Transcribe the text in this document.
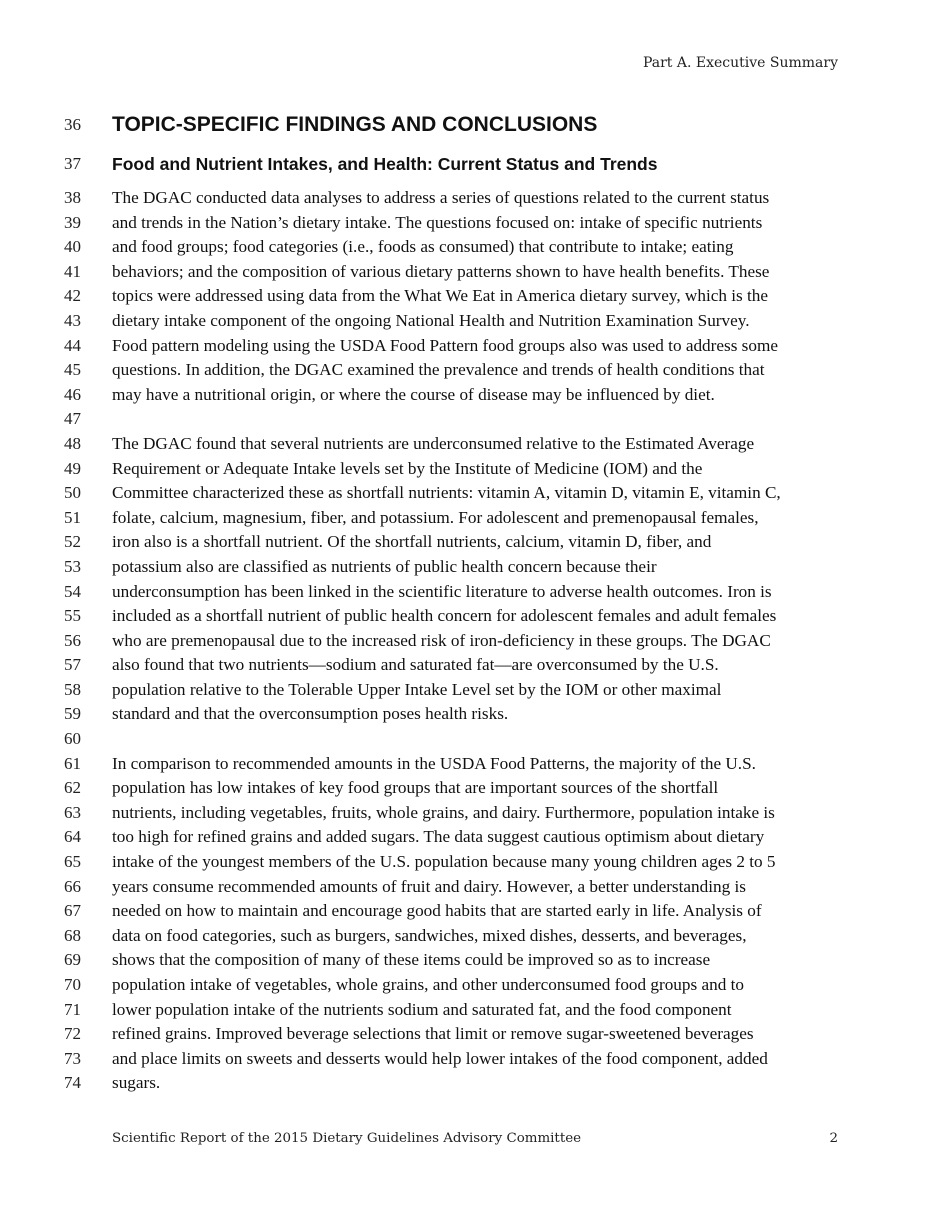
Part A. Executive Summary
36	TOPIC-SPECIFIC FINDINGS AND CONCLUSIONS
37	Food and Nutrient Intakes, and Health: Current Status and Trends
38	The DGAC conducted data analyses to address a series of questions related to the current status
39	and trends in the Nation’s dietary intake. The questions focused on: intake of specific nutrients
40	and food groups; food categories (i.e., foods as consumed) that contribute to intake; eating
41	behaviors; and the composition of various dietary patterns shown to have health benefits. These
42	topics were addressed using data from the What We Eat in America dietary survey, which is the
43	dietary intake component of the ongoing National Health and Nutrition Examination Survey.
44	Food pattern modeling using the USDA Food Pattern food groups also was used to address some
45	questions. In addition, the DGAC examined the prevalence and trends of health conditions that
46	may have a nutritional origin, or where the course of disease may be influenced by diet.
47
48	The DGAC found that several nutrients are underconsumed relative to the Estimated Average
49	Requirement or Adequate Intake levels set by the Institute of Medicine (IOM) and the
50	Committee characterized these as shortfall nutrients: vitamin A, vitamin D, vitamin E, vitamin C,
51	folate, calcium, magnesium, fiber, and potassium. For adolescent and premenopausal females,
52	iron also is a shortfall nutrient. Of the shortfall nutrients, calcium, vitamin D, fiber, and
53	potassium also are classified as nutrients of public health concern because their
54	underconsumption has been linked in the scientific literature to adverse health outcomes. Iron is
55	included as a shortfall nutrient of public health concern for adolescent females and adult females
56	who are premenopausal due to the increased risk of iron-deficiency in these groups. The DGAC
57	also found that two nutrients—sodium and saturated fat—are overconsumed by the U.S.
58	population relative to the Tolerable Upper Intake Level set by the IOM or other maximal
59	standard and that the overconsumption poses health risks.
60
61	In comparison to recommended amounts in the USDA Food Patterns, the majority of the U.S.
62	population has low intakes of key food groups that are important sources of the shortfall
63	nutrients, including vegetables, fruits, whole grains, and dairy. Furthermore, population intake is
64	too high for refined grains and added sugars. The data suggest cautious optimism about dietary
65	intake of the youngest members of the U.S. population because many young children ages 2 to 5
66	years consume recommended amounts of fruit and dairy. However, a better understanding is
67	needed on how to maintain and encourage good habits that are started early in life. Analysis of
68	data on food categories, such as burgers, sandwiches, mixed dishes, desserts, and beverages,
69	shows that the composition of many of these items could be improved so as to increase
70	population intake of vegetables, whole grains, and other underconsumed food groups and to
71	lower population intake of the nutrients sodium and saturated fat, and the food component
72	refined grains. Improved beverage selections that limit or remove sugar-sweetened beverages
73	and place limits on sweets and desserts would help lower intakes of the food component, added
74	sugars.
Scientific Report of the 2015 Dietary Guidelines Advisory Committee	2
